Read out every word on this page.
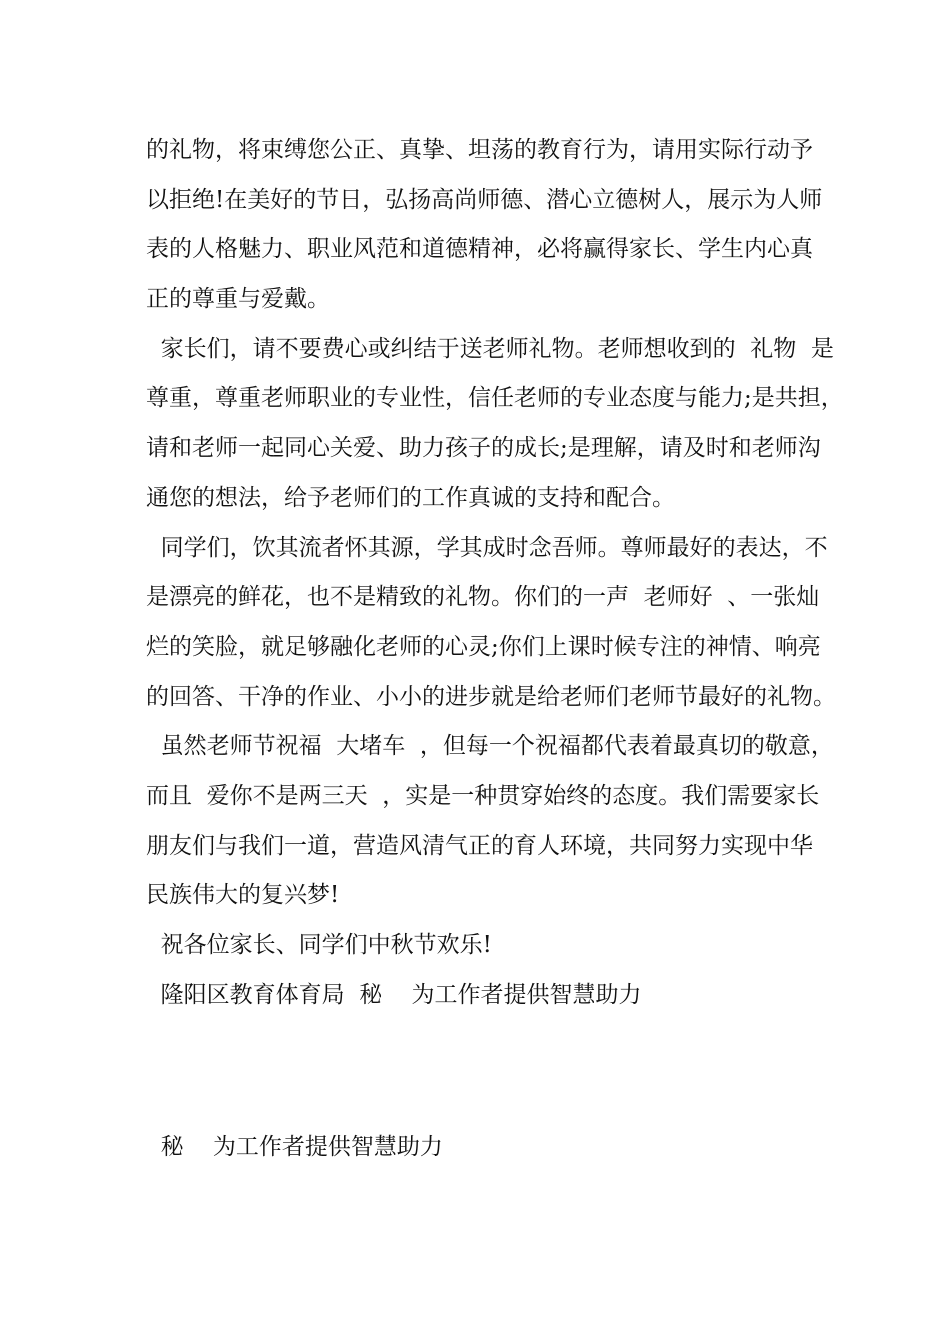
的礼物，将束缚您公正、真挚、坦荡的教育行为，请用实际行动予
以拒绝!在美好的节日，弘扬高尚师德、潜心立德树人，展示为人师
表的人格魅力、职业风范和道德精神，必将赢得家长、学生内心真
正的尊重与爱戴。
家长们，请不要费心或纠结于送老师礼物。老师想收到的  礼物  是
尊重，尊重老师职业的专业性，信任老师的专业态度与能力;是共担，
请和老师一起同心关爱、助力孩子的成长;是理解，请及时和老师沟
通您的想法，给予老师们的工作真诚的支持和配合。
同学们，饮其流者怀其源，学其成时念吾师。尊师最好的表达，不
是漂亮的鲜花，也不是精致的礼物。你们的一声  老师好  、一张灿
烂的笑脸，就足够融化老师的心灵;你们上课时候专注的神情、响亮
的回答、干净的作业、小小的进步就是给老师们老师节最好的礼物。
虽然老师节祝福  大堵车  ，但每一个祝福都代表着最真切的敬意，
而且  爱你不是两三天  ，实是一种贯穿始终的态度。我们需要家长
朋友们与我们一道，营造风清气正的育人环境，共同努力实现中华
民族伟大的复兴梦!
祝各位家长、同学们中秋节欢乐!
隆阳区教育体育局  秘    为工作者提供智慧助力
秘    为工作者提供智慧助力
